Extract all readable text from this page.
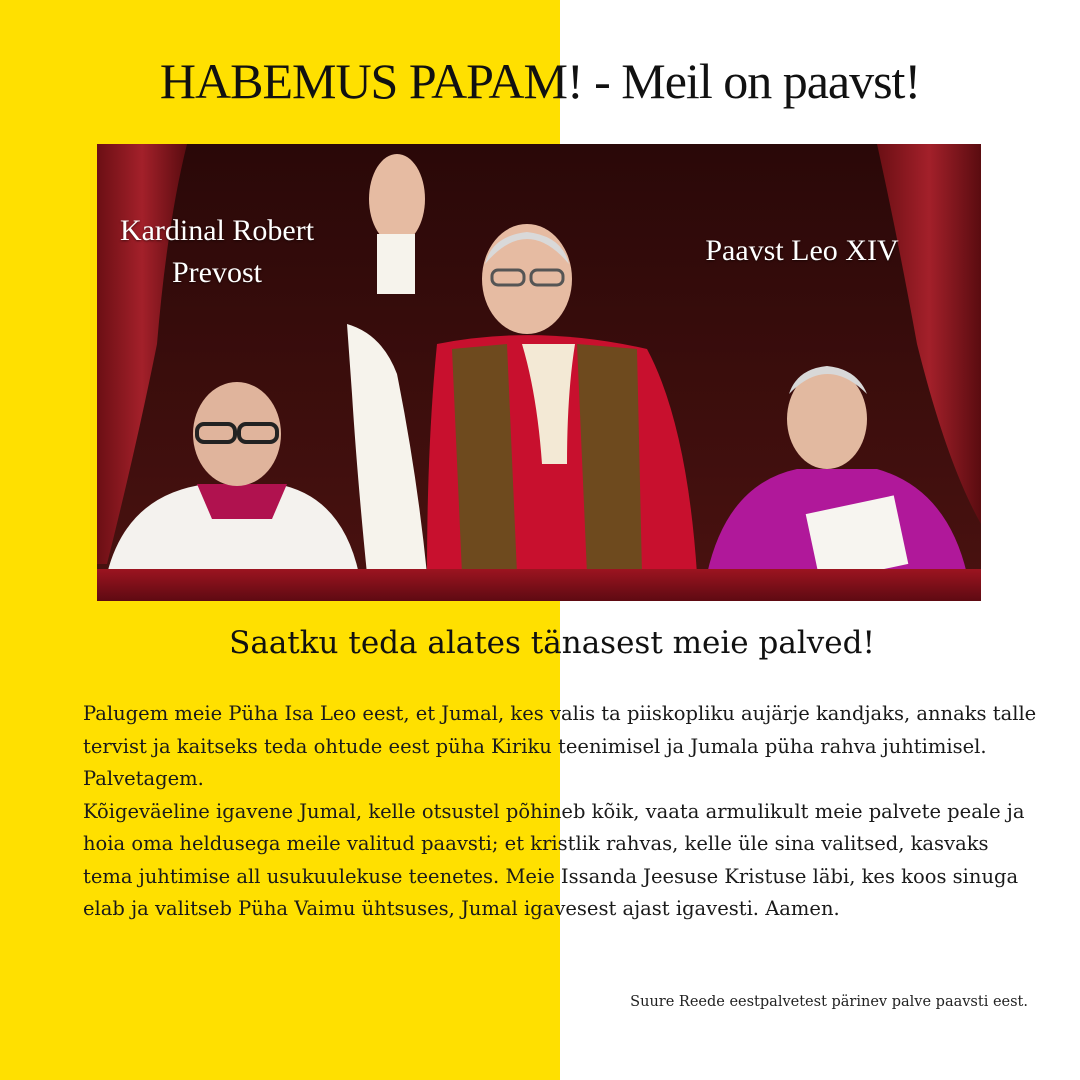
HABEMUS PAPAM! - Meil on paavst!
Kardinal Robert Prevost
Paavst Leo XIV
Saatku teda alates tänasest meie palved!

Palugem meie Püha Isa Leo eest, et Jumal, kes valis ta piiskopliku aujärje kandjaks, annaks talle tervist ja kaitseks teda ohtude eest püha Kiriku teenimisel ja Jumala püha rahva juhtimisel.

Palvetagem.

Kõigeväeline igavene Jumal, kelle otsustel põhineb kõik, vaata armulikult meie palvete peale ja hoia oma heldusega meile valitud paavsti; et kristlik rahvas, kelle üle sina valitsed, kasvaks tema juhtimise all usukuulekuse teenetes. Meie Issanda Jeesuse Kristuse läbi, kes koos sinuga elab ja valitseb Püha Vaimu ühtsuses, Jumal igavesest ajast igavesti. Aamen.

Suure Reede eestpalvetest pärinev palve paavsti eest.
